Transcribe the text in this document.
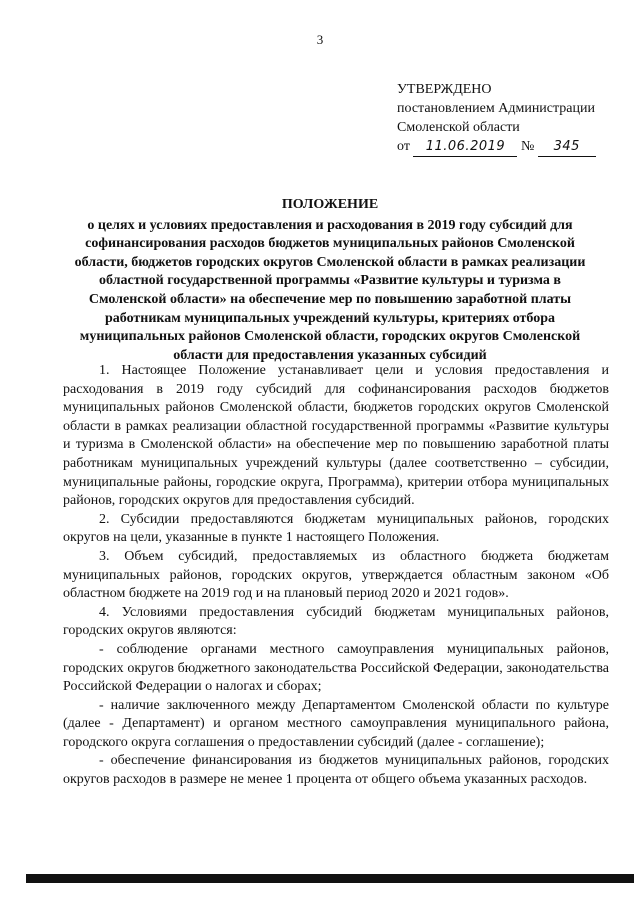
3
УТВЕРЖДЕНО
постановлением Администрации
Смоленской области
от 11.06.2019 № 345
ПОЛОЖЕНИЕ
о целях и условиях предоставления и расходования в 2019 году субсидий для софинансирования расходов бюджетов муниципальных районов Смоленской области, бюджетов городских округов Смоленской области в рамках реализации областной государственной программы «Развитие культуры и туризма в Смоленской области» на обеспечение мер по повышению заработной платы работникам муниципальных учреждений культуры, критериях отбора муниципальных районов Смоленской области, городских округов Смоленской области для предоставления указанных субсидий

1. Настоящее Положение устанавливает цели и условия предоставления и расходования в 2019 году субсидий для софинансирования расходов бюджетов муниципальных районов Смоленской области, бюджетов городских округов Смоленской области в рамках реализации областной государственной программы «Развитие культуры и туризма в Смоленской области» на обеспечение мер по повышению заработной платы работникам муниципальных учреждений культуры (далее соответственно – субсидии, муниципальные районы, городские округа, Программа), критерии отбора муниципальных районов, городских округов для предоставления субсидий.

2. Субсидии предоставляются бюджетам муниципальных районов, городских округов на цели, указанные в пункте 1 настоящего Положения.

3. Объем субсидий, предоставляемых из областного бюджета бюджетам муниципальных районов, городских округов, утверждается областным законом «Об областном бюджете на 2019 год и на плановый период 2020 и 2021 годов».

4. Условиями предоставления субсидий бюджетам муниципальных районов, городских округов являются:

- соблюдение органами местного самоуправления муниципальных районов, городских округов бюджетного законодательства Российской Федерации, законодательства Российской Федерации о налогах и сборах;

- наличие заключенного между Департаментом Смоленской области по культуре (далее - Департамент) и органом местного самоуправления муниципального района, городского округа соглашения о предоставлении субсидий (далее - соглашение);

- обеспечение финансирования из бюджетов муниципальных районов, городских округов расходов в размере не менее 1 процента от общего объема указанных расходов.
